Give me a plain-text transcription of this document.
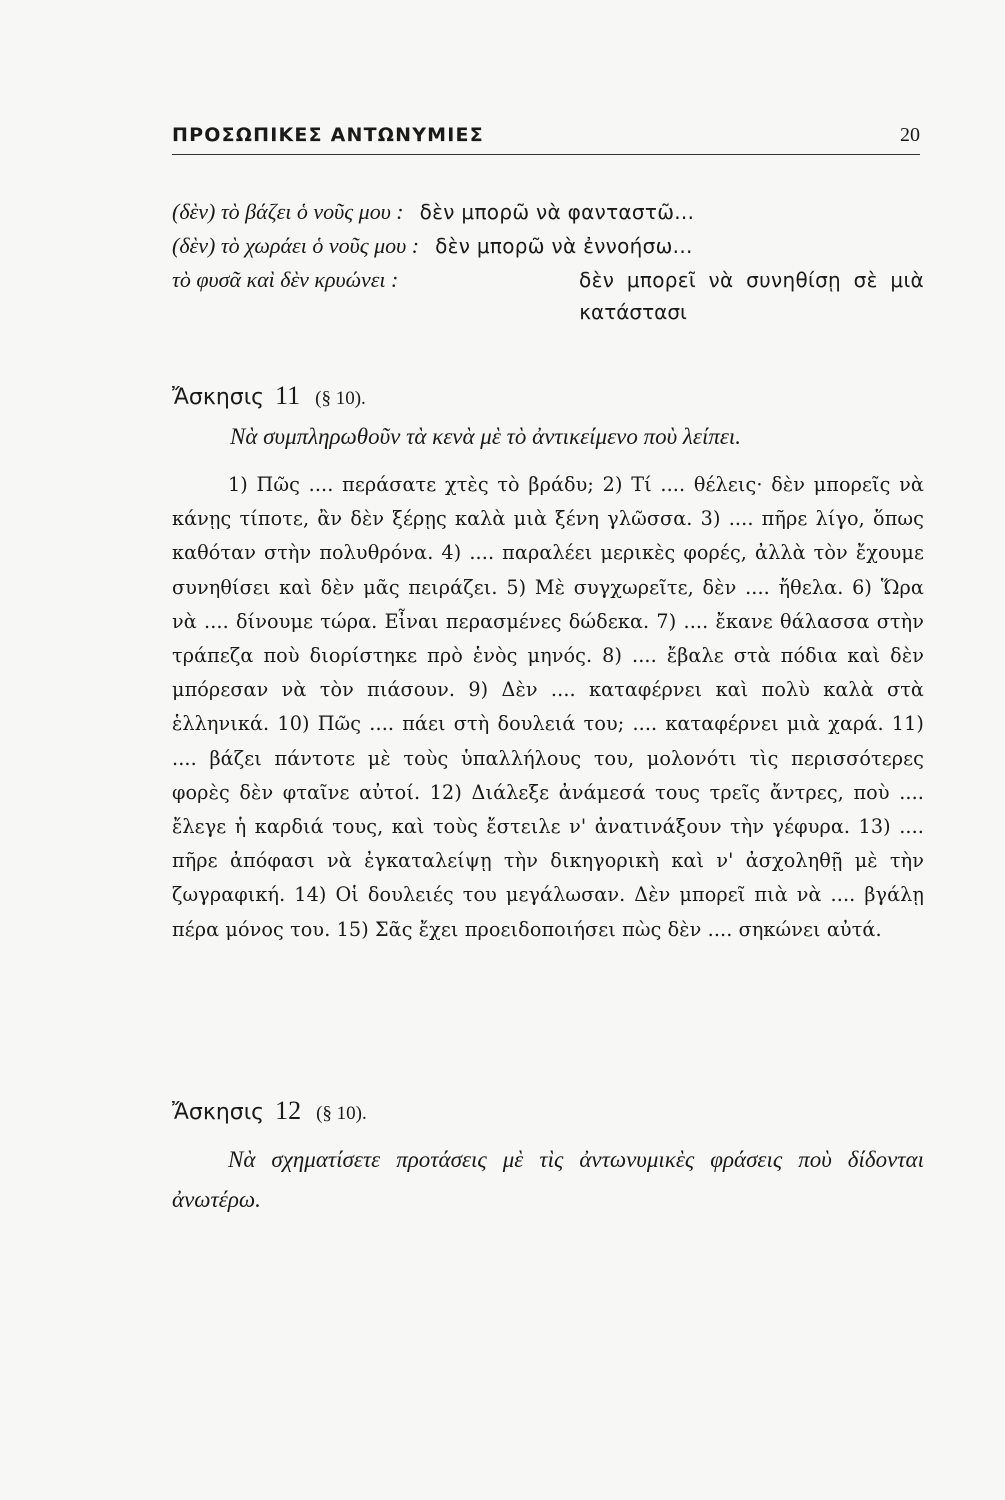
ΠΡΟΣΩΠΙΚΕΣ ΑΝΤΩΝΥΜΙΕΣ	20
(δὲν) τὸ βάζει ὁ νοῦς μου : δὲν μπορῶ νὰ φανταστῶ...
(δὲν) τὸ χωράει ὁ νοῦς μου : δὲν μπορῶ νὰ ἐννοήσω...
τὸ φυσᾶ καὶ δὲν κρυώνει :	δὲν μπορεῖ νὰ συνηθίσῃ σὲ μιὰ
κατάστασι
Ἄσκησις 11 (§ 10).
Νὰ συμπληρωθοῦν τὰ κενὰ μὲ τὸ ἀντικείμενο ποὺ λείπει.

1) Πῶς .... περάσατε χτὲς τὸ βράδυ; 2) Τί .... θέλεις· δὲν μπορεῖς νὰ κάνῃς τίποτε, ἂν δὲν ξέρῃς καλὰ μιὰ ξένη γλῶσσα. 3) .... πῆρε λίγο, ὅπως καθόταν στὴν πολυθρόνα. 4) .... παραλέει μερικὲς φορές, ἀλλὰ τὸν ἔχουμε συνηθίσει καὶ δὲν μᾶς πειράζει. 5) Μὲ συγχωρεῖτε, δὲν .... ἤθελα. 6) Ὥρα νὰ .... δίνουμε τώρα. Εἶναι περασμένες δώδεκα. 7) .... ἔκανε θάλασσα στὴν τράπεζα ποὺ διορίστηκε πρὸ ἑνὸς μηνός. 8) .... ἔβαλε στὰ πόδια καὶ δὲν μπόρεσαν νὰ τὸν πιάσουν. 9) Δὲν .... καταφέρνει καὶ πολὺ καλὰ στὰ ἑλληνικά. 10) Πῶς .... πάει στὴ δουλειά του; .... καταφέρνει μιὰ χαρά. 11) .... βάζει πάντοτε μὲ τοὺς ὑπαλλήλους του, μολονότι τὶς περισσότερες φορὲς δὲν φταῖνε αὐτοί. 12) Διάλεξε ἀνάμεσά τους τρεῖς ἄντρες, ποὺ .... ἔλεγε ἡ καρδιά τους, καὶ τοὺς ἔστειλε ν' ἀνατινάξουν τὴν γέφυρα. 13) .... πῆρε ἀπόφασι νὰ ἐγκαταλείψῃ τὴν δικηγορικὴ καὶ ν' ἀσχοληθῇ μὲ τὴν ζωγραφική. 14) Οἱ δουλειές του μεγάλωσαν. Δὲν μπορεῖ πιὰ νὰ .... βγάλῃ πέρα μόνος του. 15) Σᾶς ἔχει προειδοποιήσει πὼς δὲν .... σηκώνει αὐτά.

Ἄσκησις 12 (§ 10).

Νὰ σχηματίσετε προτάσεις μὲ τὶς ἀντωνυμικὲς φράσεις ποὺ δίδονται ἀνωτέρω.
